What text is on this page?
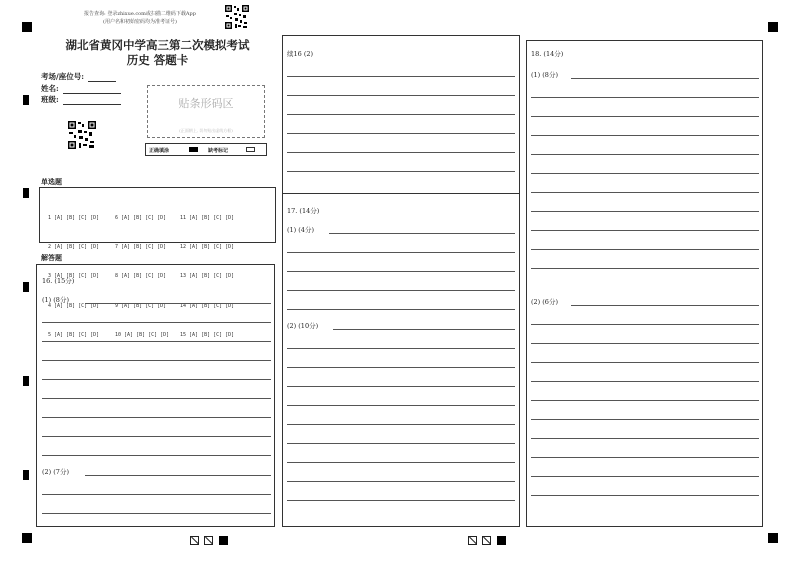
报告查询: 登录zhixue.com或扫描二维码下载App
(用户名和初始密码均为准考证号)
湖北省黄冈中学高三第二次模拟考试
历史 答题卡
考场/座位号:
姓名:
班级:	贴条形码区
(正面朝上, 切勿贴出虚线方框)
正确填涂	缺考标记
单选题

1 [A] [B] [C] [D]

2 [A] [B] [C] [D]

3 [A] [B] [C] [D]

4 [A] [B] [C] [D]

5 [A] [B] [C] [D]

6 [A] [B] [C] [D]

7 [A] [B] [C] [D]

8 [A] [B] [C] [D]

9 [A] [B] [C] [D]

10 [A] [B] [C] [D]

11 [A] [B] [C] [D]

12 [A] [B] [C] [D]

13 [A] [B] [C] [D]

14 [A] [B] [C] [D]

15 [A] [B] [C] [D]

解答题
16. (15分)
(1) (8分)
(2) (7分)
续16 (2)
17. (14分)
(1) (4分)
(2) (10分)
18. (14分)
(1) (8分)
(2) (6分)
